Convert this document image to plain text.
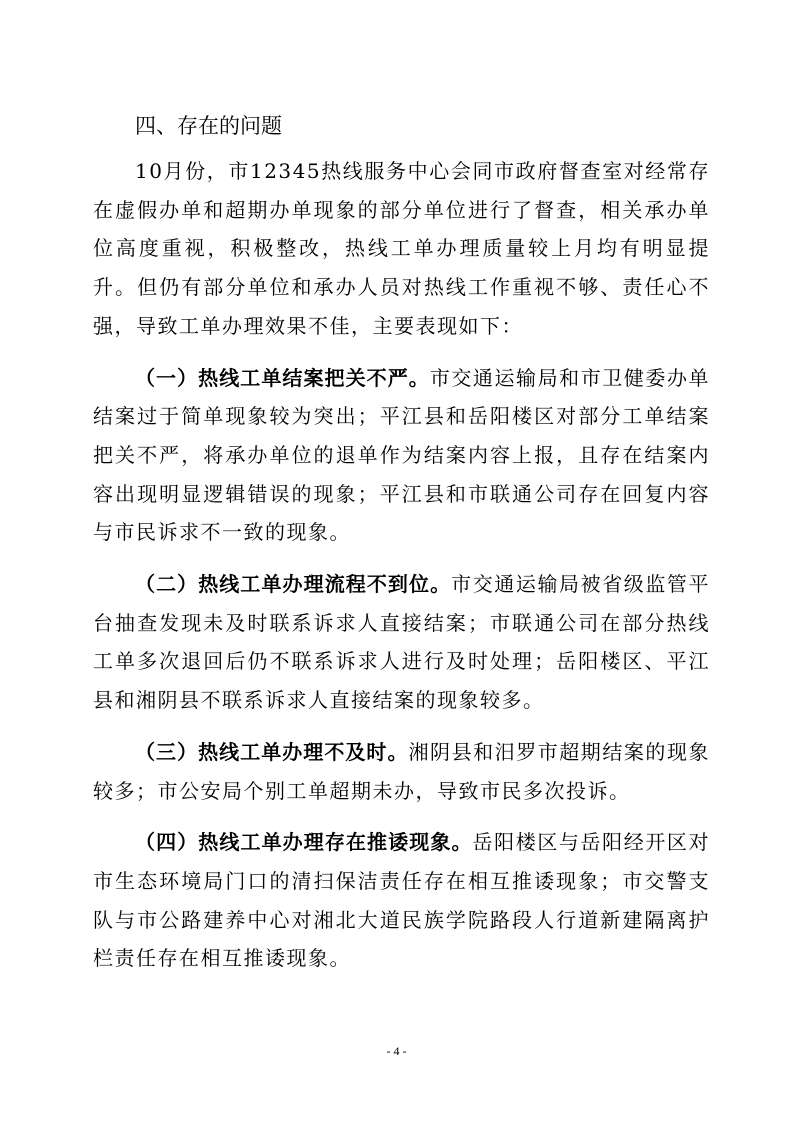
四、存在的问题

10月份，市12345热线服务中心会同市政府督查室对经常存在虚假办单和超期办单现象的部分单位进行了督查，相关承办单位高度重视，积极整改，热线工单办理质量较上月均有明显提升。但仍有部分单位和承办人员对热线工作重视不够、责任心不强，导致工单办理效果不佳，主要表现如下：

（一）热线工单结案把关不严。市交通运输局和市卫健委办单结案过于简单现象较为突出；平江县和岳阳楼区对部分工单结案把关不严，将承办单位的退单作为结案内容上报，且存在结案内容出现明显逻辑错误的现象；平江县和市联通公司存在回复内容与市民诉求不一致的现象。

（二）热线工单办理流程不到位。市交通运输局被省级监管平台抽查发现未及时联系诉求人直接结案；市联通公司在部分热线工单多次退回后仍不联系诉求人进行及时处理；岳阳楼区、平江县和湘阴县不联系诉求人直接结案的现象较多。

（三）热线工单办理不及时。湘阴县和汨罗市超期结案的现象较多；市公安局个别工单超期未办，导致市民多次投诉。

（四）热线工单办理存在推诿现象。岳阳楼区与岳阳经开区对市生态环境局门口的清扫保洁责任存在相互推诿现象；市交警支队与市公路建养中心对湘北大道民族学院路段人行道新建隔离护栏责任存在相互推诿现象。

- 4 -
